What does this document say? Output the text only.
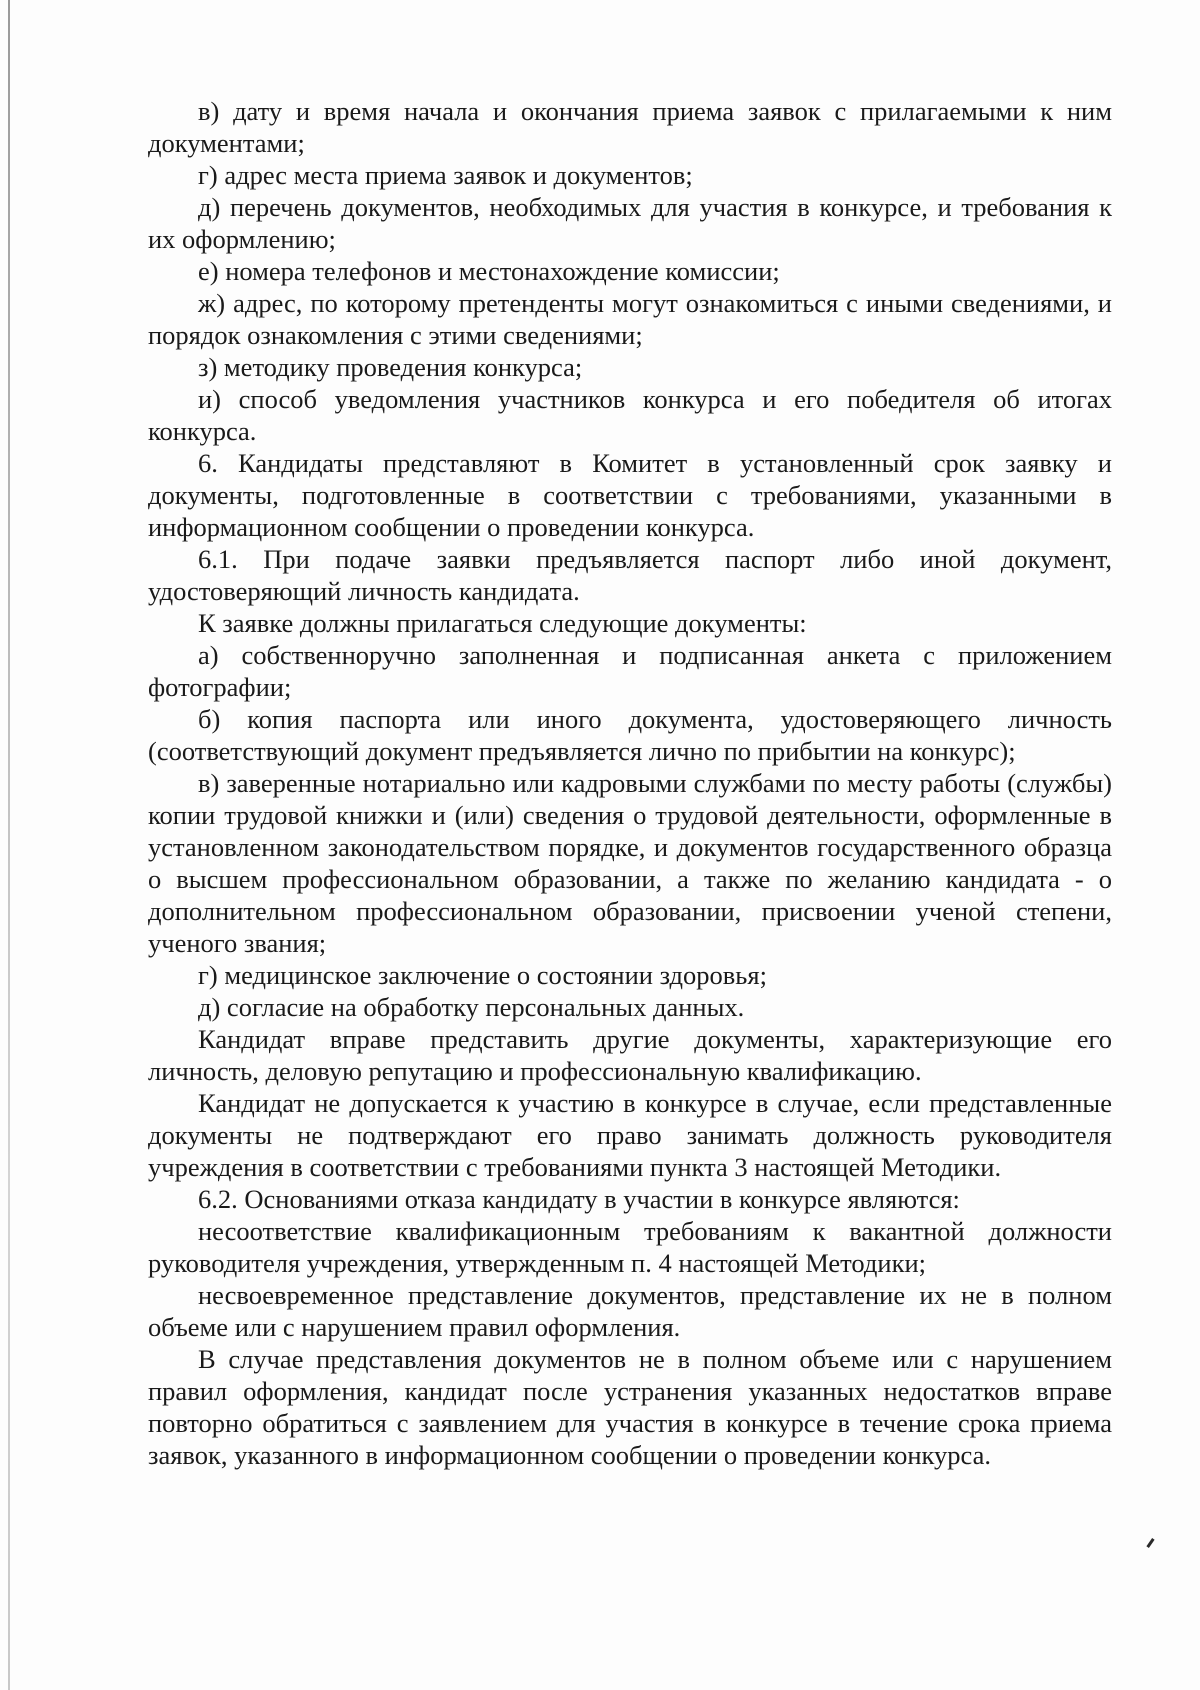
в) дату и время начала и окончания приема заявок с прилагаемыми к ним документами;

г) адрес места приема заявок и документов;

д) перечень документов, необходимых для участия в конкурсе, и требования к их оформлению;

е) номера телефонов и местонахождение комиссии;

ж) адрес, по которому претенденты могут ознакомиться с иными сведениями, и порядок ознакомления с этими сведениями;

з) методику проведения конкурса;

и) способ уведомления участников конкурса и его победителя об итогах конкурса.

6. Кандидаты представляют в Комитет в установленный срок заявку и документы, подготовленные в соответствии с требованиями, указанными в информационном сообщении о проведении конкурса.

6.1. При подаче заявки предъявляется паспорт либо иной документ, удостоверяющий личность кандидата.

К заявке должны прилагаться следующие документы:

а) собственноручно заполненная и подписанная анкета с приложением фотографии;

б) копия паспорта или иного документа, удостоверяющего личность (соответствующий документ предъявляется лично по прибытии на конкурс);

в) заверенные нотариально или кадровыми службами по месту работы (службы) копии трудовой книжки и (или) сведения о трудовой деятельности, оформленные в установленном законодательством порядке, и документов государственного образца о высшем профессиональном образовании, а также по желанию кандидата - о дополнительном профессиональном образовании, присвоении ученой степени, ученого звания;

г) медицинское заключение о состоянии здоровья;

д) согласие на обработку персональных данных.

Кандидат вправе представить другие документы, характеризующие его личность, деловую репутацию и профессиональную квалификацию.

Кандидат не допускается к участию в конкурсе в случае, если представленные документы не подтверждают его право занимать должность руководителя учреждения в соответствии с требованиями пункта 3 настоящей Методики.

6.2. Основаниями отказа кандидату в участии в конкурсе являются:

несоответствие квалификационным требованиям к вакантной должности руководителя учреждения, утвержденным п. 4 настоящей Методики;

несвоевременное представление документов, представление их не в полном объеме или с нарушением правил оформления.

В случае представления документов не в полном объеме или с нарушением правил оформления, кандидат после устранения указанных недостатков вправе повторно обратиться с заявлением для участия в конкурсе в течение срока приема заявок, указанного в информационном сообщении о проведении конкурса.
